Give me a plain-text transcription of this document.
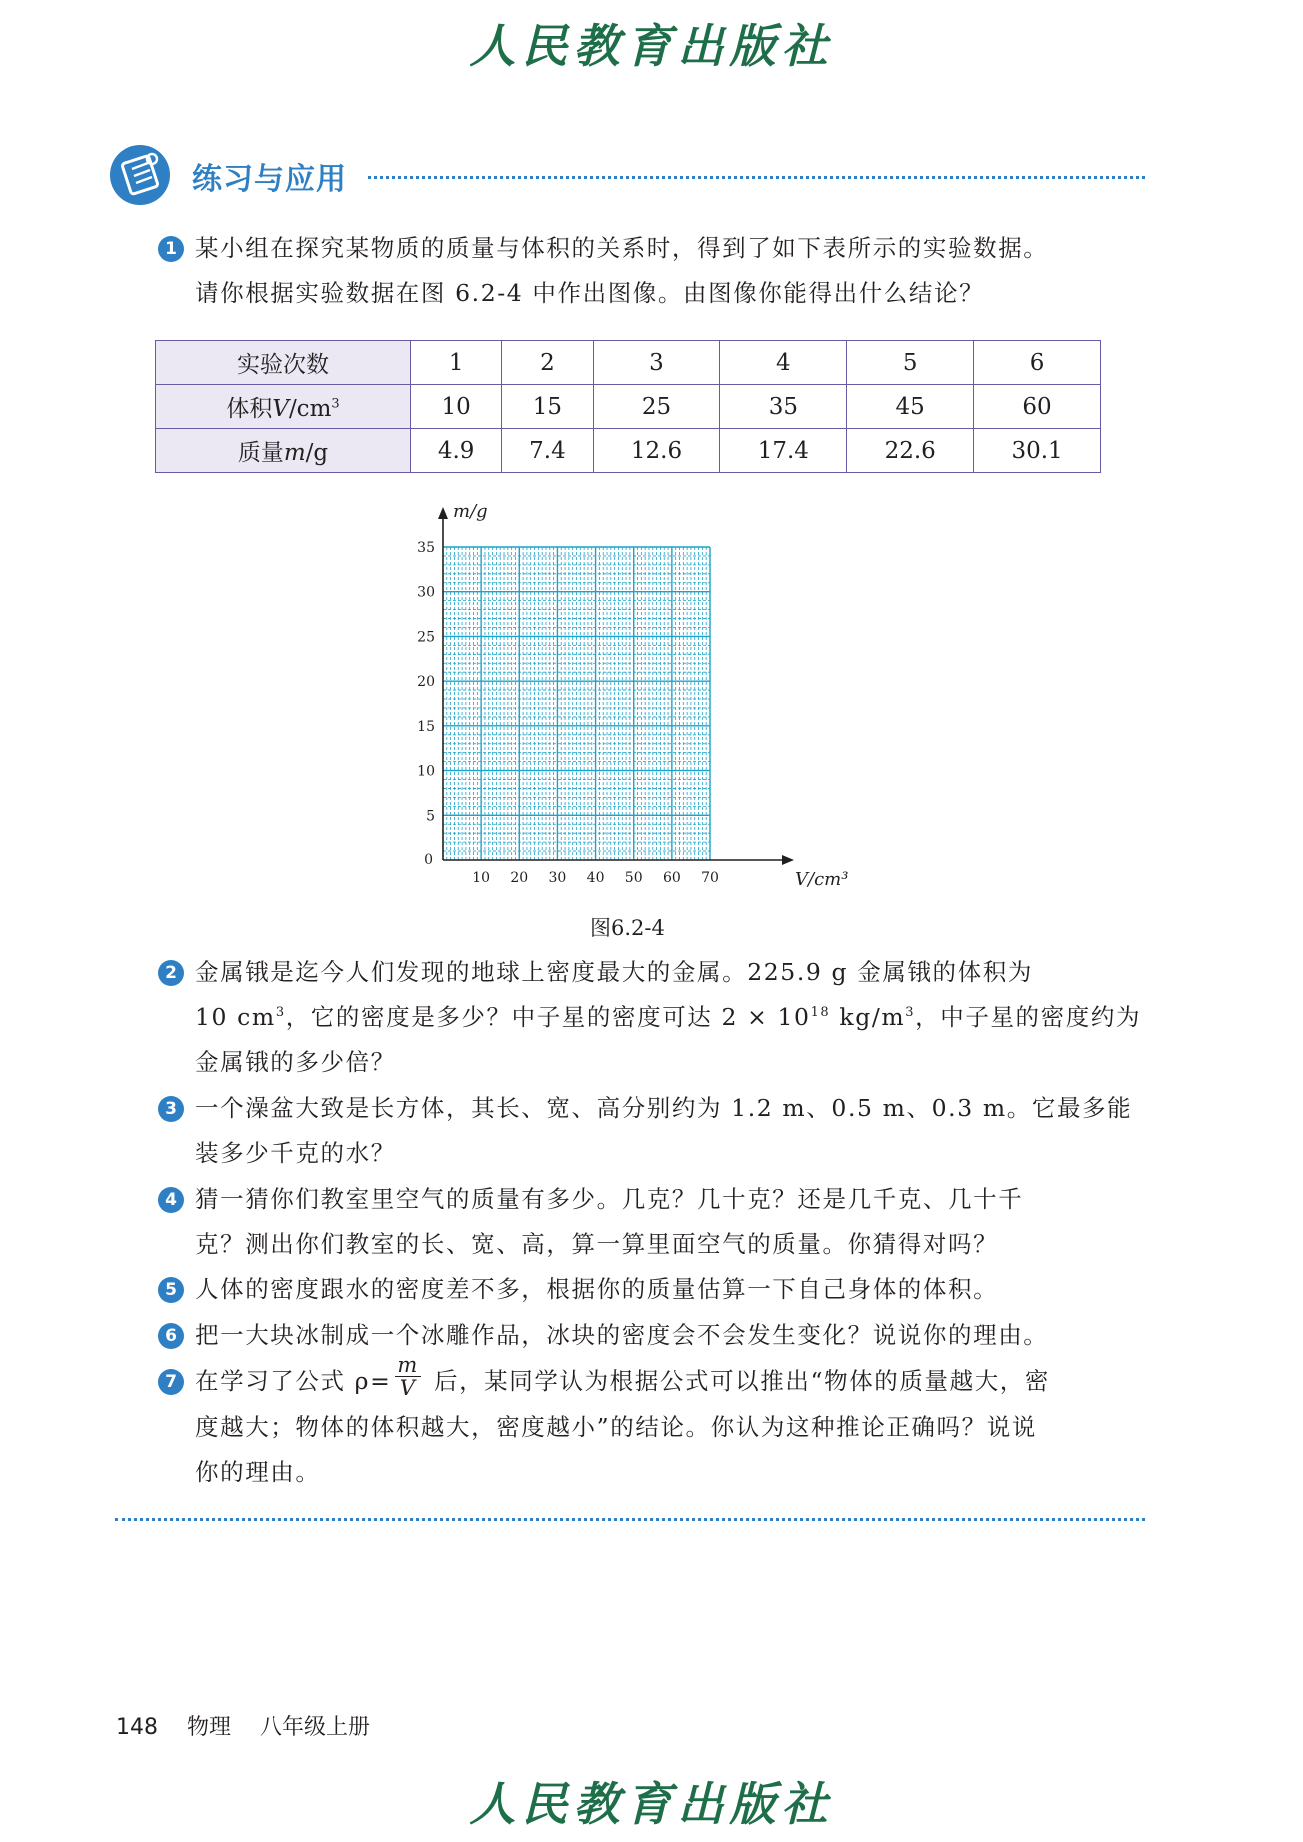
人民教育出版社
练习与应用
1 某小组在探究某物质的质量与体积的关系时，得到了如下表所示的实验数据。
请你根据实验数据在图 6.2-4 中作出图像。由图像你能得出什么结论？
实验次数	1	2	3	4	5	6
体积$V/cm^3$	10	15	25	35	45	60
质量m/g	4.9	7.4	12.6	17.4	22.6	30.1
10 20 30 40 50 60 70
5
10
15
20
25
30
35
0
m/g
V/cm³
图6.2-4
2 金属锇是迄今人们发现的地球上密度最大的金属。225.9 g 金属锇的体积为
10 $cm^3$，它的密度是多少？中子星的密度可达 $2 \times 10^{18}$ $kg/m^3$，中子星的密度约为
金属锇的多少倍？
3 一个澡盆大致是长方体，其长、宽、高分别约为 1.2 m、0.5 m、0.3 m。它最多能
装多少千克的水？
4 猜一猜你们教室里空气的质量有多少。几克？几十克？还是几千克、几十千
克？测出你们教室的长、宽、高，算一算里面空气的质量。你猜得对吗？
5 人体的密度跟水的密度差不多，根据你的质量估算一下自己身体的体积。
6 把一大块冰制成一个冰雕作品，冰块的密度会不会发生变化？说说你的理由。
7 在学习了公式 $\rho= \frac{m}{V}$ 后，某同学认为根据公式可以推出“物体的质量越大，密
度越大；物体的体积越大，密度越小”的结论。你认为这种推论正确吗？说说
你的理由。
148 物理 八年级上册
人民教育出版社
